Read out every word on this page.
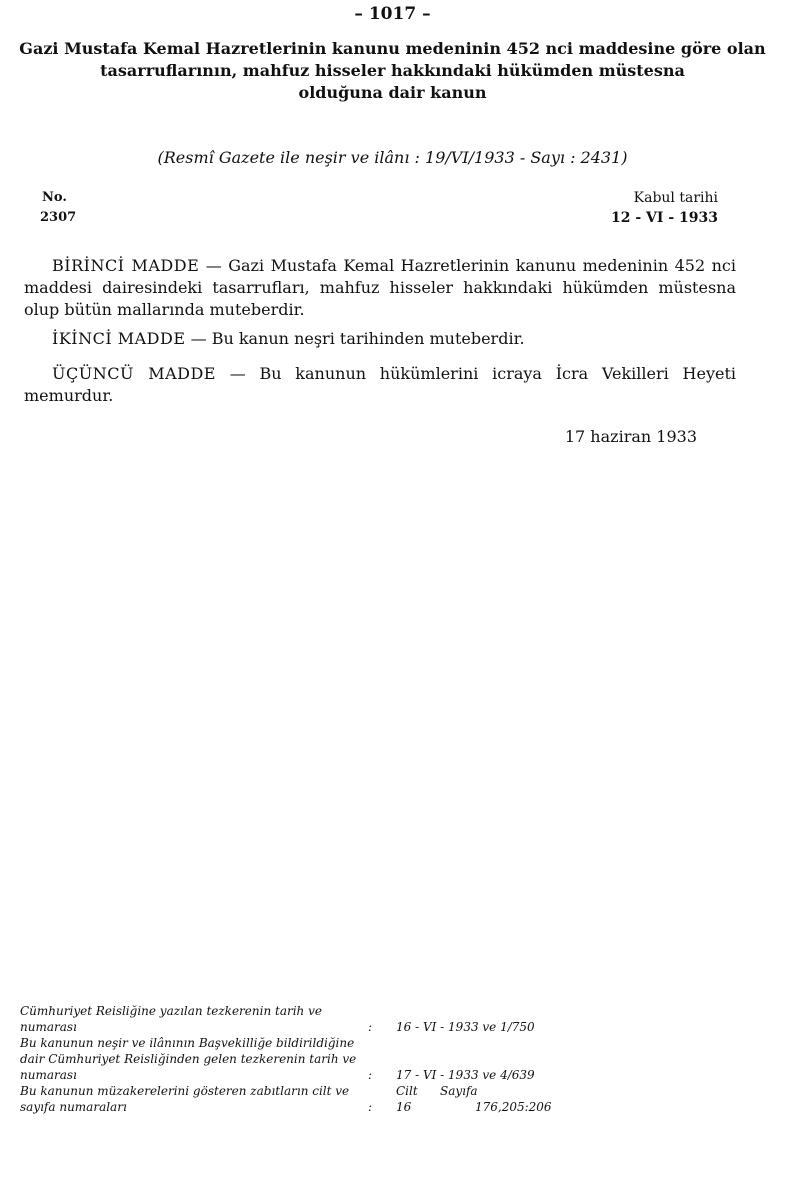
– 1017 –
Gazi Mustafa Kemal Hazretlerinin kanunu medeninin 452 nci maddesine göre olan
tasarruflarının, mahfuz hisseler hakkındaki hükümden müstesna
olduğuna dair kanun
(Resmî Gazete ile neşir ve ilânı : 19/VI/1933 - Sayı : 2431)
No.
2307
Kabul tarihi
12 - VI - 1933
BİRİNCİ MADDE — Gazi Mustafa Kemal Hazretlerinin kanunu medeninin 452 nci maddesi dairesindeki tasarrufları, mahfuz hisseler hakkındaki hükümden müstesna olup bütün mallarında muteberdir.
İKİNCİ MADDE — Bu kanun neşri tarihinden muteberdir.
ÜÇÜNCÜ MADDE — Bu kanunun hükümlerini icraya İcra Vekilleri Heyeti memurdur.
17 haziran 1933
Cümhuriyet Reisliğine yazılan tezkerenin tarih ve numarası	: 16 - VI - 1933 ve 1/750
Bu kanunun neşir ve ilânının Başvekilliğe bildirildiğine dair Cümhuriyet Reisliğinden gelen tezkerenin tarih ve numarası	: 17 - VI - 1933 ve 4/639
Bu kanunun müzakerelerini gösteren zabıtların cilt ve sayıfa numaraları
Cilt Sayıfa
: 16	176,205:206
